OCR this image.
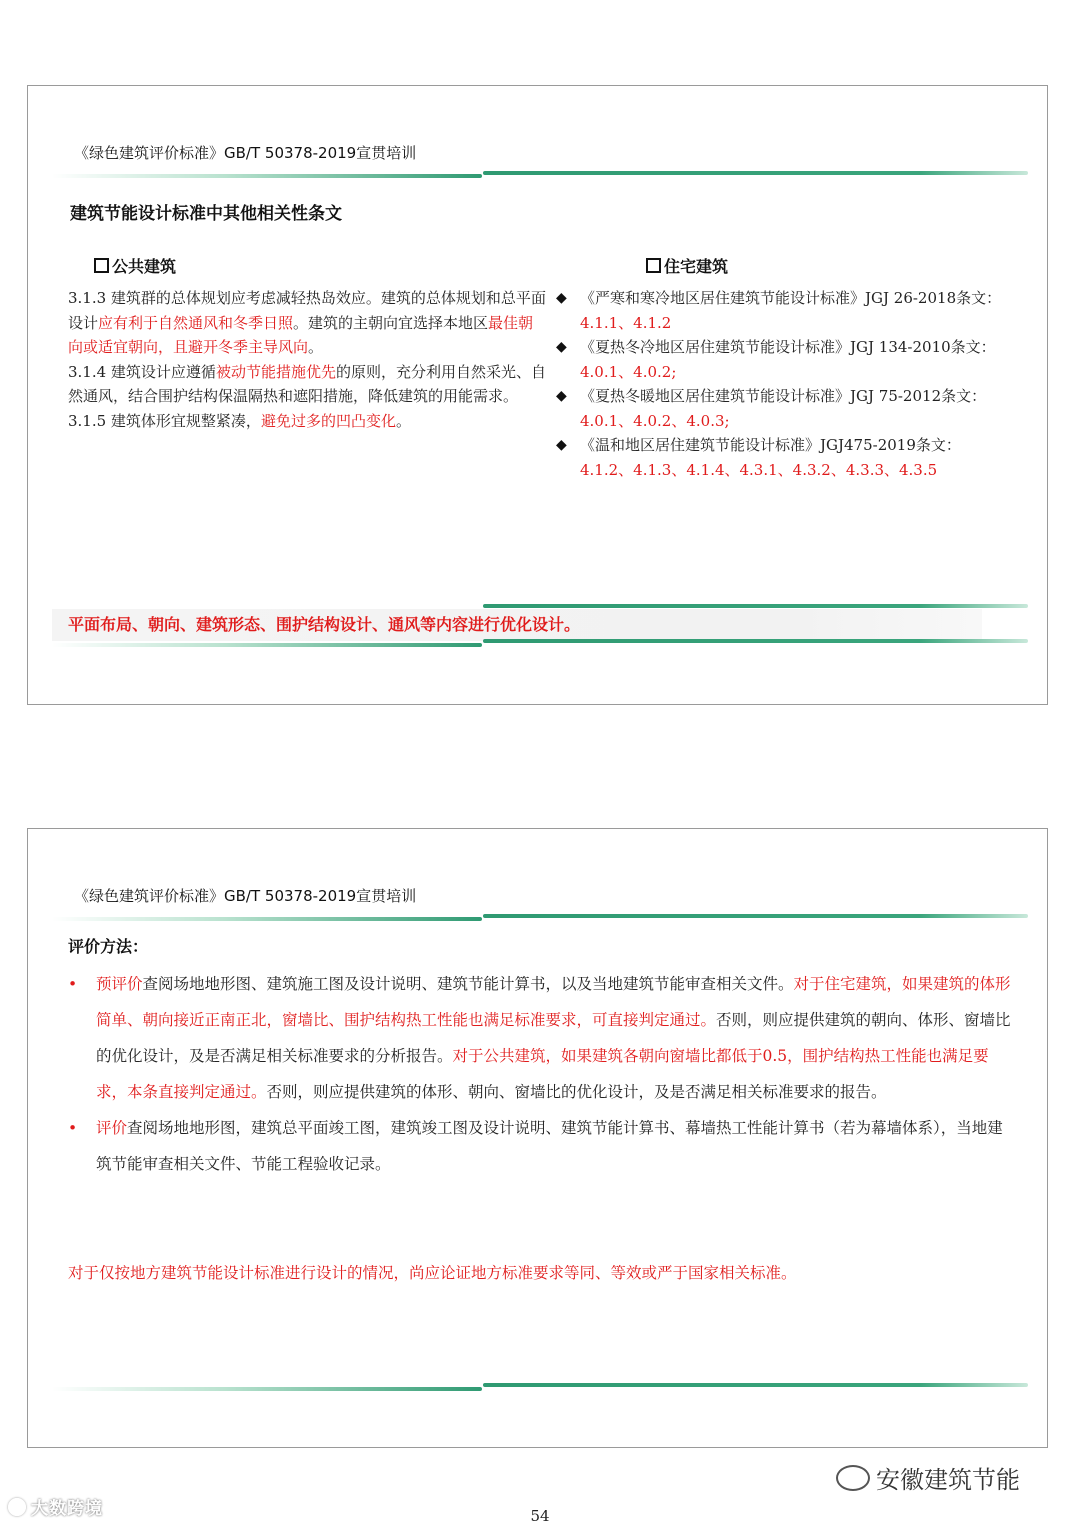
《绿色建筑评价标准》GB/T 50378-2019宣贯培训
建筑节能设计标准中其他相关性条文
公共建筑	住宅建筑
3.1.3 建筑群的总体规划应考虑减轻热岛效应。建筑的总体规划和总平面设计应有利于自然通风和冬季日照。建筑的主朝向宜选择本地区最佳朝向或适宜朝向，且避开冬季主导风向。
3.1.4 建筑设计应遵循被动节能措施优先的原则，充分利用自然采光、自然通风，结合围护结构保温隔热和遮阳措施，降低建筑的用能需求。
3.1.5 建筑体形宜规整紧凑，避免过多的凹凸变化。
◆ 《严寒和寒冷地区居住建筑节能设计标准》JGJ 26-2018条文：4.1.1、4.1.2
◆ 《夏热冬冷地区居住建筑节能设计标准》JGJ 134-2010条文：4.0.1、4.0.2;
◆ 《夏热冬暖地区居住建筑节能设计标准》JGJ 75-2012条文：4.0.1、4.0.2、4.0.3;
◆ 《温和地区居住建筑节能设计标准》JGJ475-2019条文：4.1.2、4.1.3、4.1.4、4.3.1、4.3.2、4.3.3、4.3.5
平面布局、朝向、建筑形态、围护结构设计、通风等内容进行优化设计。
《绿色建筑评价标准》GB/T 50378-2019宣贯培训
评价方法：
•	预评价查阅场地地形图、建筑施工图及设计说明、建筑节能计算书，以及当地建筑节能审查相关文件。对于住宅建筑，如果建筑的体形简单、朝向接近正南正北，窗墙比、围护结构热工性能也满足标准要求，可直接判定通过。否则，则应提供建筑的朝向、体形、窗墙比的优化设计，及是否满足相关标准要求的分析报告。对于公共建筑，如果建筑各朝向窗墙比都低于0.5，围护结构热工性能也满足要求，本条直接判定通过。否则，则应提供建筑的体形、朝向、窗墙比的优化设计，及是否满足相关标准要求的报告。
•	评价查阅场地地形图，建筑总平面竣工图，建筑竣工图及设计说明、建筑节能计算书、幕墙热工性能计算书（若为幕墙体系），当地建筑节能审查相关文件、节能工程验收记录。
对于仅按地方建筑节能设计标准进行设计的情况，尚应论证地方标准要求等同、等效或严于国家相关标准。
安徽建筑节能
大数跨境	54
